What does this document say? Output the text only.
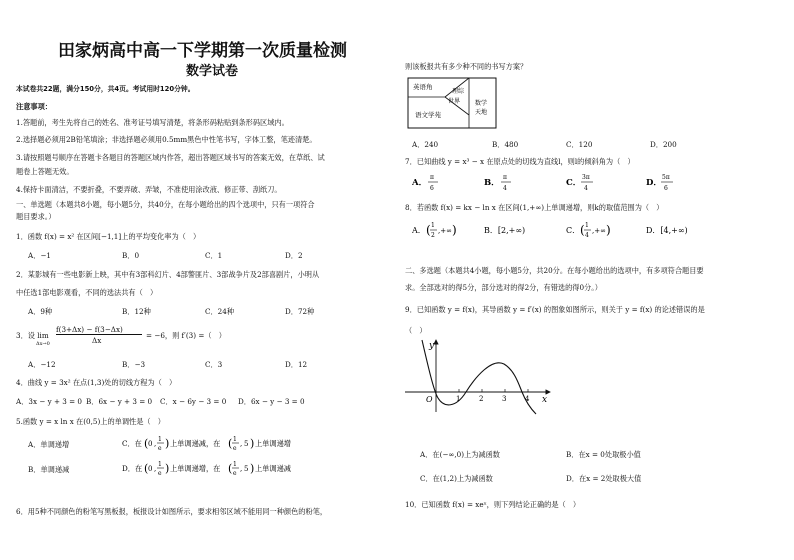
田家炳高中高一下学期第一次质量检测
数学试卷
本试卷共22题，满分150分，共4页。考试用时120分钟。
注意事项：
1.答题前，考生先将自己的姓名、准考证号填写清楚，将条形码粘贴到条形码区域内。
2.选择题必须用2B铅笔填涂；非选择题必须用0.5mm黑色中性笔书写，字体工整，笔迹清楚。
3.请按照题号顺序在答题卡各题目的答题区域内作答，超出答题区域书写的答案无效，在草纸、试
题卷上答题无效。
4.保持卡面清洁，不要折叠，不要弄破、弄皱，不准使用涂改液、修正带、刮纸刀。
一、单选题（本题共8小题，每小题5分，共40分，在每小题给出的四个选项中，只有一项符合
题目要求。）
1．函数 f(x) = x² 在区间[−1,1]上的平均变化率为（　）
A．−1	B．0	C．1	D．2
2．某影城有一些电影新上映，其中有3部科幻片、4部警匪片、3部战争片及2部喜剧片，小明从
中任选1部电影观看，不同的选法共有（　）
A．9种	B．12种	C．24种	D．72种
3．设 lim
Δx→0
f(3+Δx) − f(3−Δx)
Δx
= −6，则 f′(3) =（　）
A．−12	B．−3	C．3	D．12
4．曲线 y = 3x² 在点(1,3)处的切线方程为（　）
A．3x − y + 3 = 0 B．6x − y + 3 = 0 C．x − 6y − 3 = 0 D．6x − y − 3 = 0
5.函数 y = x ln x 在(0,5)上的单调性是（　）
A．单调递增
B．单调递减
C．在 ( 0 ,
1
e ) 上单调递减，在 ( 1
e
, 5 ) 上单调递增
D．在 ( 0 ,
1
e ) 上单调递增，在 ( 1
e
, 5 ) 上单调递减
6．用5种不同颜色的粉笔写黑板报，板报设计如图所示，要求相邻区域不能用同一种颜色的粉笔，
则该板报共有多少种不同的书写方案？
英语角
理综
世界
语文学苑
数学
天地
A．240	B．480	C．120	D．200
7．已知曲线 y = x³ − x 在原点处的切线为直线l，则l的倾斜角为（　）
A．
π
6
B．
π
4
C．
3π
4
D．
5π
6
8．若函数 f(x) = kx − ln x 在区间(1,+∞)上单调递增，则k的取值范围为（　）
A． ( 1
2
,+∞ )	B．[2,+∞)	C． ( 1
4
,+∞ )	D．[4,+∞)
二、多选题（本题共4小题，每小题5分，共20分。在每小题给出的选项中，有多项符合题目要
求。全部选对的得5分，部分选对的得2分，有错选的得0分。）
9．已知函数 y = f(x)，其导函数 y = f′(x) 的图象如图所示，则关于 y = f(x) 的论述错误的是
（　）
y
x
O	1	2	3	4
A．在(−∞,0)上为减函数	B．在x = 0处取极小值
C．在(1,2)上为减函数	D．在x = 2处取极大值
10．已知函数 f(x) = xeˣ，则下列结论正确的是（　）
